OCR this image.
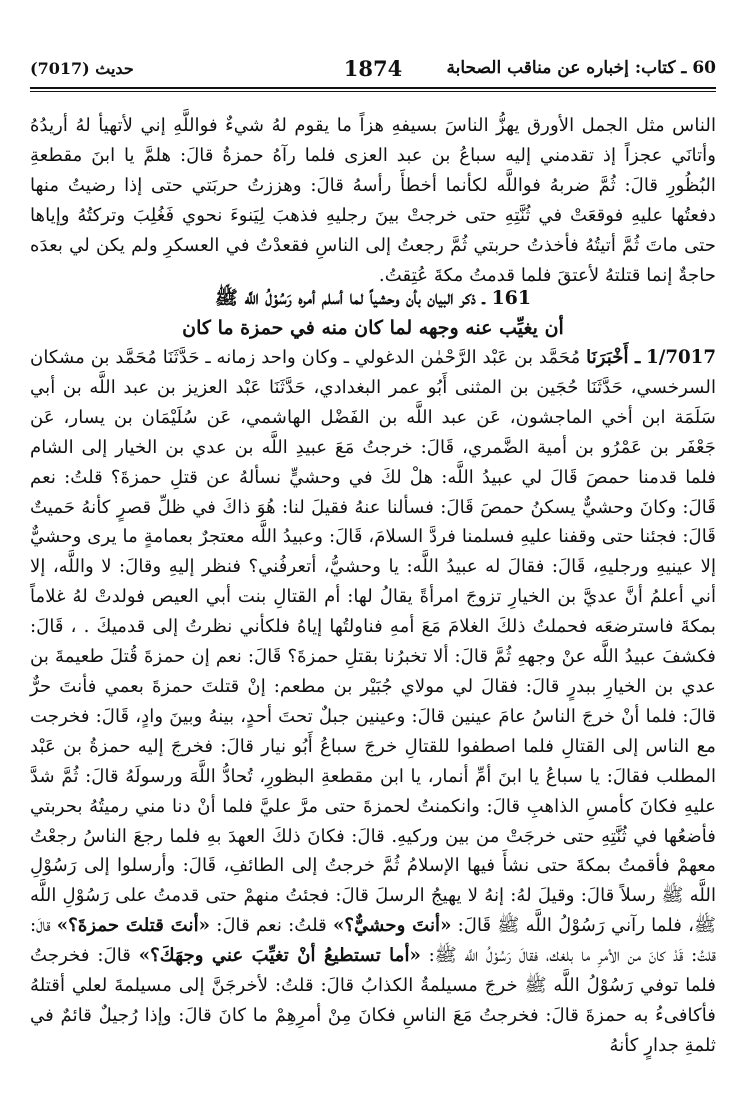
60 ـ كتاب: إخباره عن مناقب الصحابة
1874
حديث (7017)

الناس مثل الجمل الأورق يهزُّ الناسَ بسيفهِ هزاً ما يقوم لهُ شيءٌ فواللَّهِ إني لأتهيأ لهُ أريدُهُ وأتانَي عجزاً إذ تقدمني إليه سباعُ بن عبد العزى فلما رآهُ حمزةُ قالَ: هلمَّ يا ابنَ مقطعةِ البُظُورِ قالَ: ثُمَّ ضربهُ فواللَّه لكأنما أخطأَ رأسهُ قالَ: وهززتُ حربَتي حتى إذا رضيتُ منها دفعتُها عليهِ فوقعَتْ في ثُنَّتِهِ حتى خرجتْ بينَ رجليهِ فذهبَ لِيَنوءَ نحوي فَغُلِبَ وتركتُهُ وإياها حتى ماتَ ثُمَّ أتيتُهُ فأخذتُ حربتي ثُمَّ رجعتُ إلى الناسِ فقعدْتُ في العسكرِ ولم يكن لي بعدَه حاجةٌ إنما قتلتهُ لأعتقَ فلما قدمتُ مكةَ عُتِقتُ.

161 ـ ذكر البيان بأن وحشياً لما أسلم أمره رَسُوْلُ اللَّه ﷺ
أن يغيِّب عنه وجهه لما كان منه في حمزة ما كان

1/7017 ـ أَخْبَرَنَا مُحَمَّد بن عَبْد الرَّحْمٰن الدغولي ـ وكان واحد زمانه ـ حَدَّثَنَا مُحَمَّد بن مشكان السرخسي، حَدَّثَنَا حُجَين بن المثنى أَبُو عمر البغدادي، حَدَّثَنَا عَبْد العزيز بن عبد اللَّه بن أبي سَلَمَة ابن أخي الماجشون، عَن عبد اللَّه بن الفَضْل الهاشمي، عَن سُلَيْمَان بن يسار، عَن جَعْفَر بن عَمْرُو بن أمية الضَّمري، قَالَ: خرجتُ مَعَ عبيدِ اللَّه بن عدي بن الخيار إلى الشام فلما قدمنا حمصَ قَالَ لي عبيدُ اللَّه: هلْ لكَ في وحشيٍّ نسألهُ عن قتلِ حمزةَ؟ قلتُ: نعم قَالَ: وكانَ وحشيٌّ يسكنُ حمصَ قَالَ: فسألنا عنهُ فقيلَ لنا: هُوَ ذاكَ في ظلِّ قصرٍ كأنهُ حَميتٌ قَالَ: فجئنا حتى وقفنا عليهِ فسلمنا فردَّ السلامَ، قَالَ: وعبيدُ اللَّه معتجرٌ بعمامةٍ ما يرى وحشيٌّ إلا عينيهِ ورجليهِ، قَالَ: فقالَ له عبيدُ اللَّه: يا وحشيُّ، أتعرفُني؟ فنظر إليهِ وقالَ: لا واللَّه، إلا أني أعلمُ أنَّ عديَّ بن الخيارِ تزوجَ امرأةً يقالُ لها: أم القتالِ بنت أبي العيص فولدتْ لهُ غلاماً بمكةَ فاسترضعَه فحملتُ ذلكَ الغلامَ مَعَ أمهِ فناولتُها إياهُ فلكأني نظرتُ إلى قدميكَ . ، قَالَ: فكشفَ عبيدُ اللَّه عنْ وجههِ ثُمَّ قالَ: ألا تخبرُنا بقتلِ حمزةَ؟ قَالَ: نعم إن حمزةَ قُتلَ طعيمةَ بن عدي بن الخيارِ ببدرٍ قالَ: فقالَ لي مولاي جُبَيْر بن مطعم: إنْ قتلتَ حمزةَ بعمي فأنتَ حرٌّ قالَ: فلما أنْ خرجَ الناسُ عامَ عينين قالَ: وعينين جبلٌ تحتَ أحدٍ، بينهُ وبينَ وادٍ، قَالَ: فخرجت مع الناس إلى القتالِ فلما اصطفوا للقتالِ خرجَ سباعُ أَبُو نيار قالَ: فخرجَ إليه حمزةُ بن عَبْد المطلب فقالَ: يا سباعُ يا ابنَ أمِّ أنمار، يا ابن مقطعةِ البظورِ، تُحادُّ اللَّهَ ورسولَهُ قالَ: ثُمَّ شدَّ عليهِ فكانَ كأمسِ الذاهبِ قالَ: وانكمنتُ لحمزةَ حتى مرَّ عليَّ فلما أنْ دنا مني رميتُهُ بحربتي فأضعُها في ثُنَّتِهِ حتى خرجَتْ من بين وركيهِ. قالَ: فكانَ ذلكَ العهدَ بهِ فلما رجعَ الناسُ رجعْتُ معهمْ فأقمتُ بمكةَ حتى نشأَ فيها الإسلامُ ثُمَّ خرجتُ إلى الطائفِ، قَالَ: وأرسلوا إلى رَسُوْلِ اللَّه ﷺ رسلاً قالَ: وقيلَ لهُ: إنهُ لا يهيجُ الرسلَ قالَ: فجئتُ منهمْ حتى قدمتُ على رَسُوْلِ اللَّه ﷺ، فلما رآني رَسُوْلُ اللَّه ﷺ قَالَ: «أنتَ وحشيٌّ؟» قلتُ: نعم قالَ: «أنتَ قتلتَ حمزةَ؟» قالَ: قلتُ: قَدْ كانَ من الأمرِ ما بلغك، فقالَ رَسُوْلُ اللَّه ﷺ: «أما تستطيعُ أنْ تغيِّبَ عني وجهَكَ؟» قالَ: فخرجتُ فلما توفي رَسُوْلُ اللَّه ﷺ خرجَ مسيلمةُ الكذابُ قالَ: قلتُ: لأخرجَنَّ إلى مسيلمةَ لعلي أقتلهُ فأكافىءُ به حمزةَ قالَ: فخرجتُ مَعَ الناسِ فكانَ مِنْ أمرِهِمْ ما كانَ قالَ: وإذا رُجيلٌ قائمٌ في ثلمةِ جدارٍ كأنهُ
